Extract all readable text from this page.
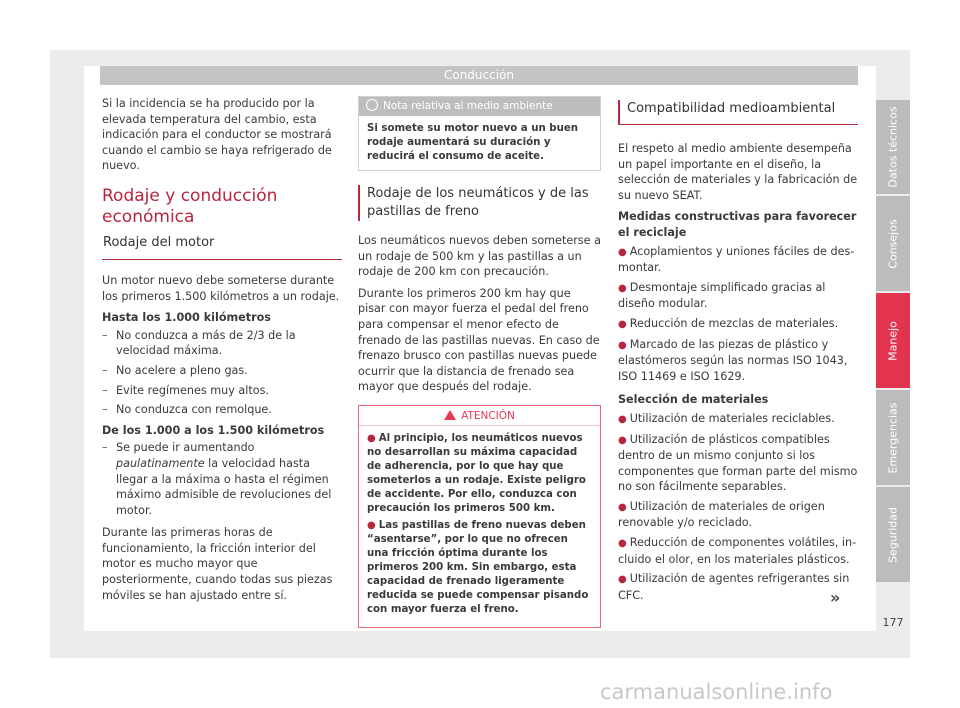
Conducción

Si la incidencia se ha producido por la elevada temperatura del cambio, esta indicación para el conductor se mostrará cuando el cambio se haya refrigerado de nuevo.

Rodaje y conducción económica
Rodaje del motor

Un motor nuevo debe someterse durante los primeros 1.500 kilómetros a un rodaje.

Hasta los 1.000 kilómetros

– No conduzca a más de 2/3 de la velocidad máxima.
– No acelere a pleno gas.
– Evite regímenes muy altos.
– No conduzca con remolque.

De los 1.000 a los 1.500 kilómetros

– Se puede ir aumentando paulatinamente la velocidad hasta llegar a la máxima o hasta el régimen máximo admisible de revoluciones del motor.

Durante las primeras horas de funcionamiento, la fricción interior del motor es mucho mayor que posteriormente, cuando todas sus piezas móviles se han ajustado entre sí.

Nota relativa al medio ambiente
Si somete su motor nuevo a un buen rodaje aumentará su duración y reducirá el consumo de aceite.
Rodaje de los neumáticos y de las pastillas de freno

Los neumáticos nuevos deben someterse a un rodaje de 500 km y las pastillas a un rodaje de 200 km con precaución.

Durante los primeros 200 km hay que pisar con mayor fuerza el pedal del freno para compensar el menor efecto de frenado de las pastillas nuevas. En caso de frenazo brusco con pastillas nuevas puede ocurrir que la distancia de frenado sea mayor que después del rodaje.

ATENCIÓN
● Al principio, los neumáticos nuevos no desarrollan su máxima capacidad de adherencia, por lo que hay que someterlos a un rodaje. Existe peligro de accidente. Por ello, conduzca con precaución los primeros 500 km.
● Las pastillas de freno nuevas deben “asentarse”, por lo que no ofrecen una fricción óptima durante los primeros 200 km. Sin embargo, esta capacidad de frenado ligeramente reducida se puede compensar pisando con mayor fuerza el freno.
Compatibilidad medioambiental

El respeto al medio ambiente desempeña un papel importante en el diseño, la selección de materiales y la fabricación de su nuevo SEAT.

Medidas constructivas para favorecer el reciclaje

● Acoplamientos y uniones fáciles de desmontar.
● Desmontaje simplificado gracias al diseño modular.
● Reducción de mezclas de materiales.
● Marcado de las piezas de plástico y elastómeros según las normas ISO 1043, ISO 11469 e ISO 1629.

Selección de materiales

● Utilización de materiales reciclables.
● Utilización de plásticos compatibles dentro de un mismo conjunto si los componentes que forman parte del mismo no son fácilmente separables.
● Utilización de materiales de origen renovable y/o reciclado.
● Reducción de componentes volátiles, incluido el olor, en los materiales plásticos.
● Utilización de agentes refrigerantes sin CFC.
Datos técnicos
Consejos
Manejo
Emergencias
Seguridad
»
177
carmanualsonline.info
